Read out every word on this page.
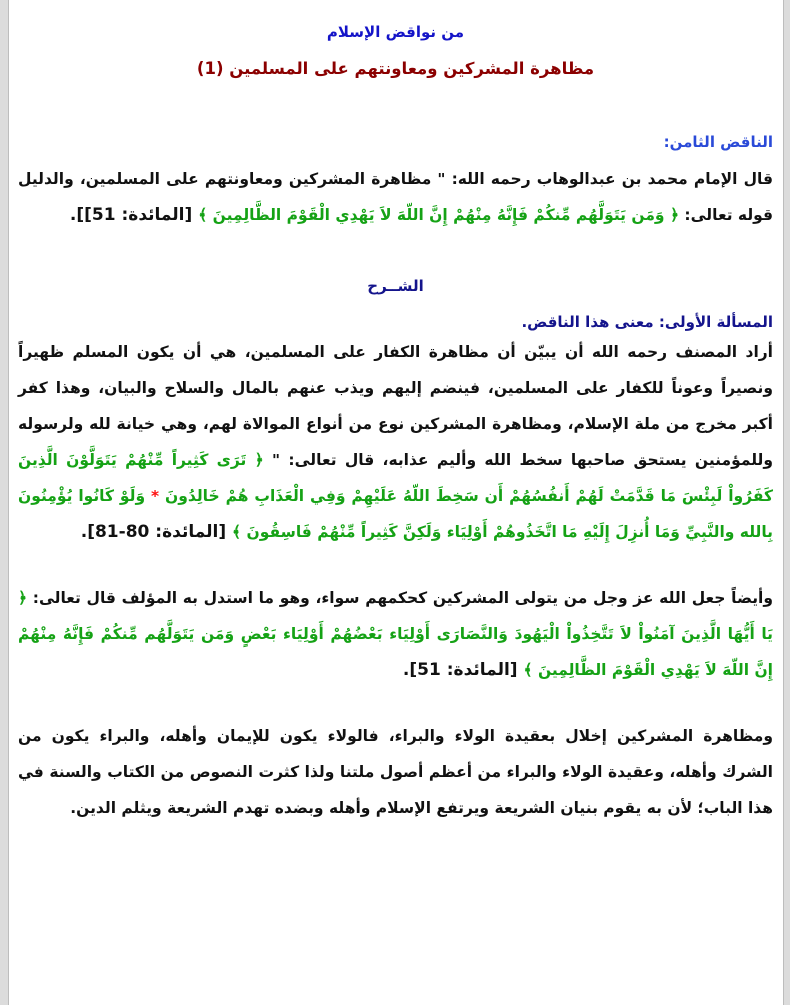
من نواقض الإسلام
مظاهرة المشركين ومعاونتهم على المسلمين (1)
الناقض الثامن:
قال الإمام محمد بن عبدالوهاب رحمه الله: " مظاهرة المشركين ومعاونتهم على المسلمين، والدليل قوله تعالى: ﴿ وَمَن يَتَوَلَّهُم مِّنكُمْ فَإِنَّهُ مِنْهُمْ إِنَّ اللّهَ لاَ يَهْدِي الْقَوْمَ الظَّالِمِينَ ﴾ [المائدة: 51]].
الشــرح
المسألة الأولى: معنى هذا الناقض.
أراد المصنف رحمه الله أن يبيّن أن مظاهرة الكفار على المسلمين، هي أن يكون المسلم ظهيراً ونصيراً وعوناً للكفار على المسلمين، فينضم إليهم ويذب عنهم بالمال والسلاح والبيان، وهذا كفر أكبر مخرج من ملة الإسلام، ومظاهرة المشركين نوع من أنواع الموالاة لهم، وهي خيانة لله ولرسوله وللمؤمنين يستحق صاحبها سخط الله وأليم عذابه، قال تعالى: " ﴿ تَرَى كَثِيراً مِّنْهُمْ يَتَوَلَّوْنَ الَّذِينَ كَفَرُواْ لَبِئْسَ مَا قَدَّمَتْ لَهُمْ أَنفُسُهُمْ أَن سَخِطَ اللّهُ عَلَيْهِمْ وَفِي الْعَذَابِ هُمْ خَالِدُونَ * وَلَوْ كَانُوا يُؤْمِنُونَ بِالله والنَّبِيِّ وَمَا أُنزِلَ إِلَيْهِ مَا اتَّخَذُوهُمْ أَوْلِيَاء وَلَكِنَّ كَثِيراً مِّنْهُمْ فَاسِقُونَ ﴾ [المائدة: 80-81].
وأيضاً جعل الله عز وجل من يتولى المشركين كحكمهم سواء، وهو ما استدل به المؤلف قال تعالى: ﴿ يَا أَيُّهَا الَّذِينَ آمَنُواْ لاَ تَتَّخِذُواْ الْيَهُودَ وَالنَّصَارَى أَوْلِيَاء بَعْضُهُمْ أَوْلِيَاء بَعْضٍ وَمَن يَتَوَلَّهُم مِّنكُمْ فَإِنَّهُ مِنْهُمْ إِنَّ اللّهَ لاَ يَهْدِي الْقَوْمَ الظَّالِمِينَ ﴾ [المائدة: 51].
ومظاهرة المشركين إخلال بعقيدة الولاء والبراء، فالولاء يكون للإيمان وأهله، والبراء يكون من الشرك وأهله، وعقيدة الولاء والبراء من أعظم أصول ملتنا ولذا كثرت النصوص من الكتاب والسنة في هذا الباب؛ لأن به يقوم بنيان الشريعة ويرتفع الإسلام وأهله وبضده تهدم الشريعة ويثلم الدين.
